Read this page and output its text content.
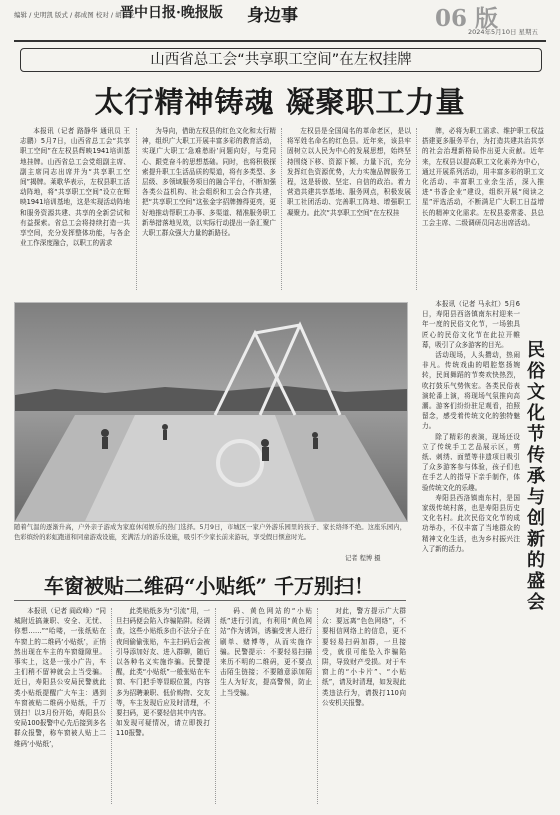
编辑 / 史明凯 版式 / 郝成图 校对 / 胡自龙
晋中日报·晚报版 身边事	06 版
2024年5月10日 星期五
山西省总工会“共享职工空间”在左权挂牌
太行精神铸魂 凝聚职工力量

本报讯（记者 路静华 通讯员 王志鹏）5月7日，山西省总工会“共享职工空间”在左权县辉映1941培训基地挂牌。山西省总工会党组副主席、副主席同志出席并为“共享职工空间”揭牌。莱歌华表示，左权县职工活动阵地，将“共享职工空间”设立在辉映1941培训基地，这是实现活动阵地和服务资源共建、共享的全新尝试和有益探索。省总工会将持续打造一共享空间，充分发挥整体功能，与各企业工作深度融合，以职工的需求

为导向，借助左权县的红色文化和太行精神，组织广大职工开展丰富多彩的教育活动，实现广大职工‘急难愁盼’问题向好，与党同心、跟党奋斗的思想基础。同时，也将积极探索提升职工生活品质的渠道，将有多类型、多层级、多领域服务项目的融合平台，不断加强各类公益机构、社会组织和工会合作共建，把“共享职工空间”这张金字招牌擦得更亮，更好地推动帮职工办事、多渠道、精准服务职工新举措落地见效，以实际行动提出一条汇聚广大职工群众强大力量的新路径。

左权县是全国闻名的革命老区，是以将军姓名命名的红色县。近年来，该县牢固树立以人民为中心的发展思想，始终坚持围绕下移、资源下倾、力量下沉，充分发挥红色资源优势，大力实施品牌服务工程，这是骄傲、坚定、自信的政治。着力营造共建共享基地、服务网点，积极发展职工社团活动、完善职工阵地、增强职工凝聚力。此次“共享职工空间”在左权挂

牌，必将为职工需求、维护职工权益搭建更多服务平台，为打造共建共治共享的社会治理新格局作出更大贡献。近年来，左权县以提高职工文化素养为中心，通过开展系列活动，用丰富多彩的职工文化活动、丰富职工业余生活，深入推进“书香企业”建设，组织开展“阅读之星”评选活动，不断满足广大职工日益增长的精神文化需求。左权县委常委、县总工会主席、二级调研员同志出席活动。

随着气温的逐渐升高，户外亲子游成为家庭休闲娱乐的热门选择。5月9日，市城区一家户外游乐园里的孩子、家长络绎不绝。这座乐园内，色彩缤纷的彩虹跑道和同童游戏设施，充满活力的游乐设施，吸引不少家长前来游玩，享受假日惬意时光。
记者 程博 摄

本报讯（记者 马永红）5月6日，寿阳县西洛镇南东村迎来一年一度的民俗文化节，一场独具匠心的民俗文化节在此拉开帷幕，吸引了众多游客的目光。

活动现场，人头攒动，热闹非凡。传统戏曲的唱腔悠扬婉转，民间舞蹈的节奏欢快热烈，吹打鼓乐气势恢宏。各类民俗表演轮番上演，将现场气氛推向高潮。游客们纷纷驻足观看，拍照留念，感受着传统文化的独特魅力。

除了精彩的表演，现场还设立了传统手工艺品展示区，剪纸、刺绣、面塑等非遗项目吸引了众多游客参与体验，孩子们也在手艺人的指导下亲手制作，体验传统文化的乐趣。

寿阳县西洛镇南东村，是国家级传统村落，也是寿阳县历史文化名村。此次民俗文化节的成功举办，不仅丰富了当地群众的精神文化生活，也为乡村振兴注入了新的活力。

民俗文化节 传承与创新的盛会
车窗被贴二维码“小贴纸” 千万别扫！

本报讯（记者 阎政峰）“同城附近搞兼职、安全、无忧、你想……”“哈喽，一张纸贴在车窗上的二维码‘小贴纸’，正悄然出现在车主的车窗缝隙里。事实上，这是一张小广告，车主们稍不留神就会上当受骗。近日，寿阳县公安局民警就此类小贴纸提醒广大车主：遇到车窗被贴二维码小贴纸，千万别扫！以3月份开始，寿阳县公安局100报警中心先后接到多名群众报警，称车窗被人贴上二维码‘小贴纸’，

此类贴纸多为“引流”用，一旦扫码便会陷入诈骗陷阱。经调查，这些小贴纸多由不法分子在夜间偷偷张贴，车主扫码后会被引导添加好友、进入群聊，随后以各种名义实施诈骗。民警提醒，此类“小贴纸”一般张贴在车窗、车门把手等显眼位置，内容多为招聘兼职、低价购物、交友等，车主发现后应及时清理，不要扫码，更不要轻信其中内容。如发现可疑情况，请立即拨打110报警。

码、黄色网站的“小贴纸”进行引流，有利用“黄色网站”作为诱饵，诱骗受害人进行刷单、赌博等，从而实施诈骗。民警提示：不要轻易扫描来历不明的二维码，更不要点击陌生链接；不要随意添加陌生人为好友，提高警惕，防止上当受骗。

对此，警方提示广大群众：要远离“色色网络”，不要相信网络上的信息，更不要轻易扫码加群，一旦接受，就很可能坠入诈骗陷阱，导致财产受损。对于车窗上的“小卡片”、“小贴纸”，请及时清理，如发现此类违法行为，请拨打110向公安机关报警。
